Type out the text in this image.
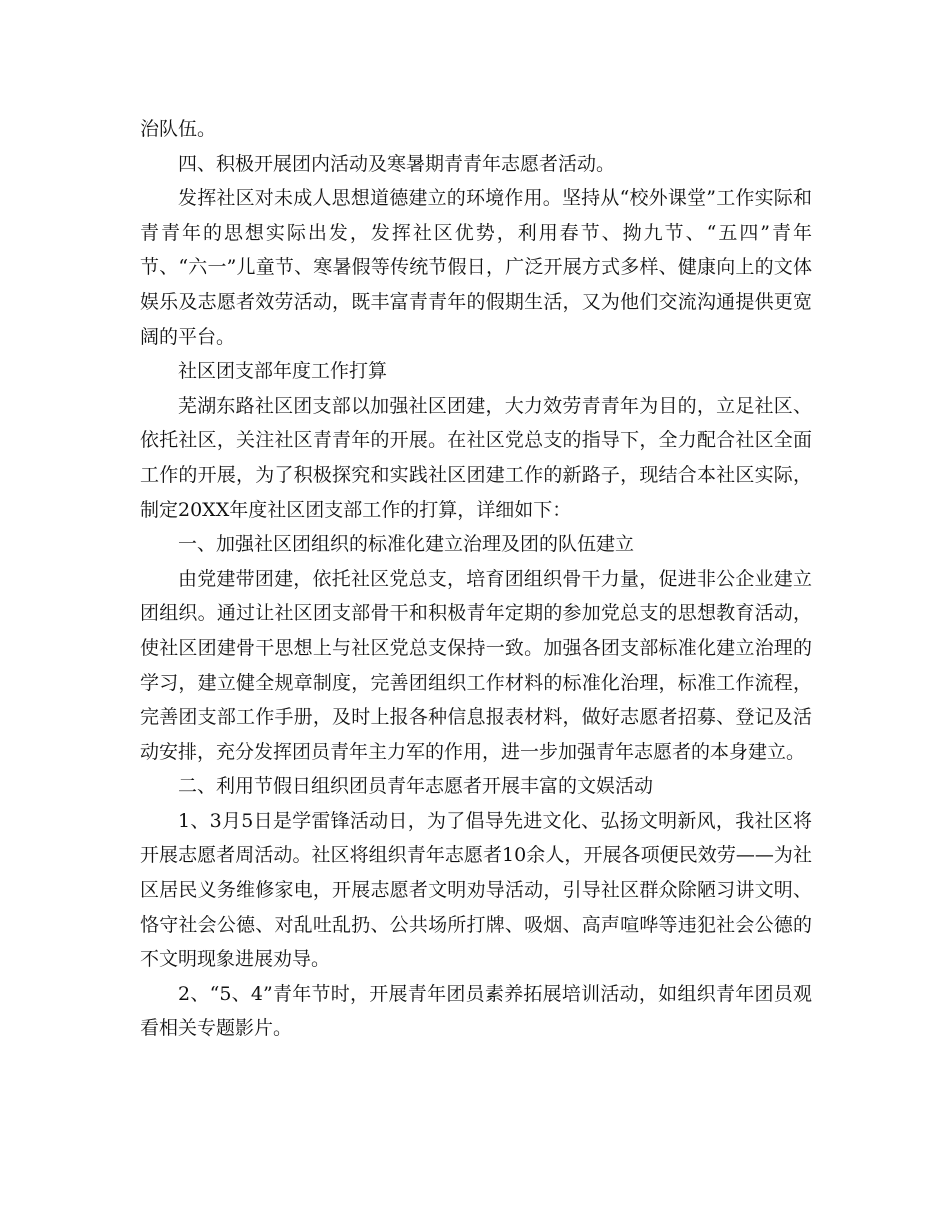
治队伍。

四、积极开展团内活动及寒暑期青青年志愿者活动。

发挥社区对未成人思想道德建立的环境作用。坚持从“校外课堂”工作实际和青青年的思想实际出发，发挥社区优势，利用春节、拗九节、“五四”青年节、“六一”儿童节、寒暑假等传统节假日，广泛开展方式多样、健康向上的文体娱乐及志愿者效劳活动，既丰富青青年的假期生活，又为他们交流沟通提供更宽阔的平台。

社区团支部年度工作打算

芜湖东路社区团支部以加强社区团建，大力效劳青青年为目的，立足社区、依托社区，关注社区青青年的开展。在社区党总支的指导下，全力配合社区全面工作的开展，为了积极探究和实践社区团建工作的新路子，现结合本社区实际，制定20XX年度社区团支部工作的打算，详细如下：

一、加强社区团组织的标准化建立治理及团的队伍建立

由党建带团建，依托社区党总支，培育团组织骨干力量，促进非公企业建立团组织。通过让社区团支部骨干和积极青年定期的参加党总支的思想教育活动，使社区团建骨干思想上与社区党总支保持一致。加强各团支部标准化建立治理的学习，建立健全规章制度，完善团组织工作材料的标准化治理，标准工作流程，完善团支部工作手册，及时上报各种信息报表材料，做好志愿者招募、登记及活动安排，充分发挥团员青年主力军的作用，进一步加强青年志愿者的本身建立。

二、利用节假日组织团员青年志愿者开展丰富的文娱活动

1、3月5日是学雷锋活动日，为了倡导先进文化、弘扬文明新风，我社区将开展志愿者周活动。社区将组织青年志愿者10余人，开展各项便民效劳——为社区居民义务维修家电，开展志愿者文明劝导活动，引导社区群众除陋习讲文明、恪守社会公德、对乱吐乱扔、公共场所打牌、吸烟、高声喧哗等违犯社会公德的不文明现象进展劝导。

2、“5、4”青年节时，开展青年团员素养拓展培训活动，如组织青年团员观看相关专题影片。
